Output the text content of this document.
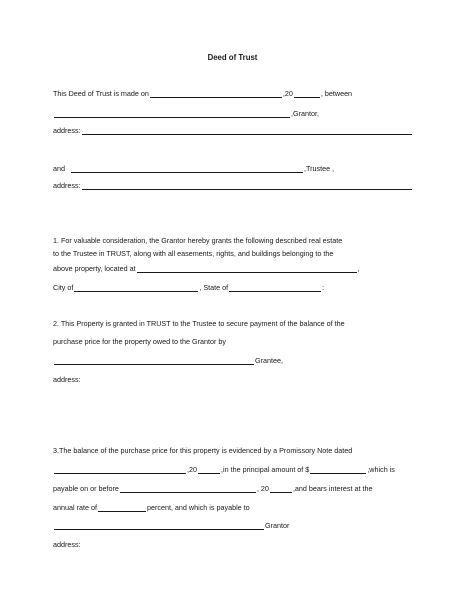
Deed of Trust
This Deed of Trust is made on	,20	, between
,Grantor,
address:
and	,Trustee ,
address:
1. For valuable consideration, the Grantor hereby grants the following described real estate
to the Trustee in TRUST, along with all easements, rights, and buildings belonging to the
above property, located at	,
City of	, State of	:
2. This Property is granted in TRUST to the Trustee to secure payment of the balance of the
purchase price for the property owed to the Grantor by
Grantee,
address:
3.The balance of the purchase price for this property is evidenced by a Promissory Note dated
,20	,in the principal amount of $	,which is
payable on or before	, 20	,and bears interest at the
annual rate of	percent, and which is payable to
Grantor
address:
